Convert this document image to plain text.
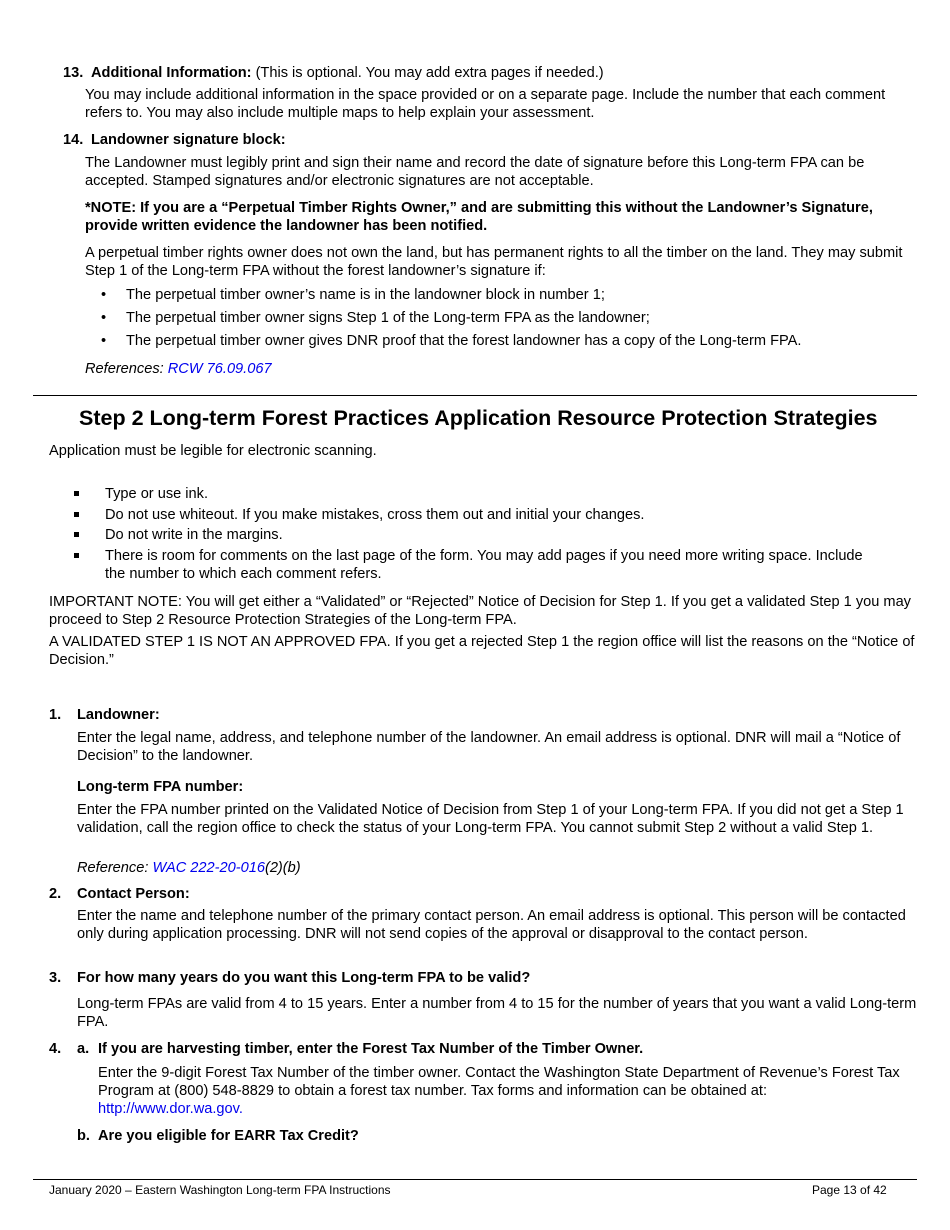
13. Additional Information: (This is optional. You may add extra pages if needed.)

You may include additional information in the space provided or on a separate page. Include the number that each comment refers to. You may also include multiple maps to help explain your assessment.

14. Landowner signature block:

The Landowner must legibly print and sign their name and record the date of signature before this Long-term FPA can be accepted. Stamped signatures and/or electronic signatures are not acceptable.

*NOTE: If you are a “Perpetual Timber Rights Owner,” and are submitting this without the Landowner’s Signature, provide written evidence the landowner has been notified.

A perpetual timber rights owner does not own the land, but has permanent rights to all the timber on the land. They may submit Step 1 of the Long-term FPA without the forest landowner’s signature if:

• The perpetual timber owner’s name is in the landowner block in number 1;
• The perpetual timber owner signs Step 1 of the Long-term FPA as the landowner;
• The perpetual timber owner gives DNR proof that the forest landowner has a copy of the Long-term FPA.
References: RCW 76.09.067
Step 2 Long-term Forest Practices Application Resource Protection Strategies

Application must be legible for electronic scanning.

Type or use ink.
Do not use whiteout. If you make mistakes, cross them out and initial your changes.
Do not write in the margins.
There is room for comments on the last page of the form. You may add pages if you need more writing space. Include the number to which each comment refers.

IMPORTANT NOTE: You will get either a “Validated” or “Rejected” Notice of Decision for Step 1. If you get a validated Step 1 you may proceed to Step 2 Resource Protection Strategies of the Long-term FPA.

A VALIDATED STEP 1 IS NOT AN APPROVED FPA. If you get a rejected Step 1 the region office will list the reasons on the “Notice of Decision.”

1. Landowner:

Enter the legal name, address, and telephone number of the landowner. An email address is optional. DNR will mail a “Notice of Decision” to the landowner.

Long-term FPA number:

Enter the FPA number printed on the Validated Notice of Decision from Step 1 of your Long-term FPA. If you did not get a Step 1 validation, call the region office to check the status of your Long-term FPA. You cannot submit Step 2 without a valid Step 1.

Reference: WAC 222-20-016(2)(b)
2. Contact Person:

Enter the name and telephone number of the primary contact person. An email address is optional. This person will be contacted only during application processing. DNR will not send copies of the approval or disapproval to the contact person.

3. For how many years do you want this Long-term FPA to be valid?

Long-term FPAs are valid from 4 to 15 years. Enter a number from 4 to 15 for the number of years that you want a valid Long-term FPA.

4. a. If you are harvesting timber, enter the Forest Tax Number of the Timber Owner.

Enter the 9-digit Forest Tax Number of the timber owner. Contact the Washington State Department of Revenue’s Forest Tax Program at (800) 548-8829 to obtain a forest tax number. Tax forms and information can be obtained at: http://www.dor.wa.gov.

b. Are you eligible for EARR Tax Credit?
January 2020 – Eastern Washington Long-term FPA Instructions	Page 13 of 42
